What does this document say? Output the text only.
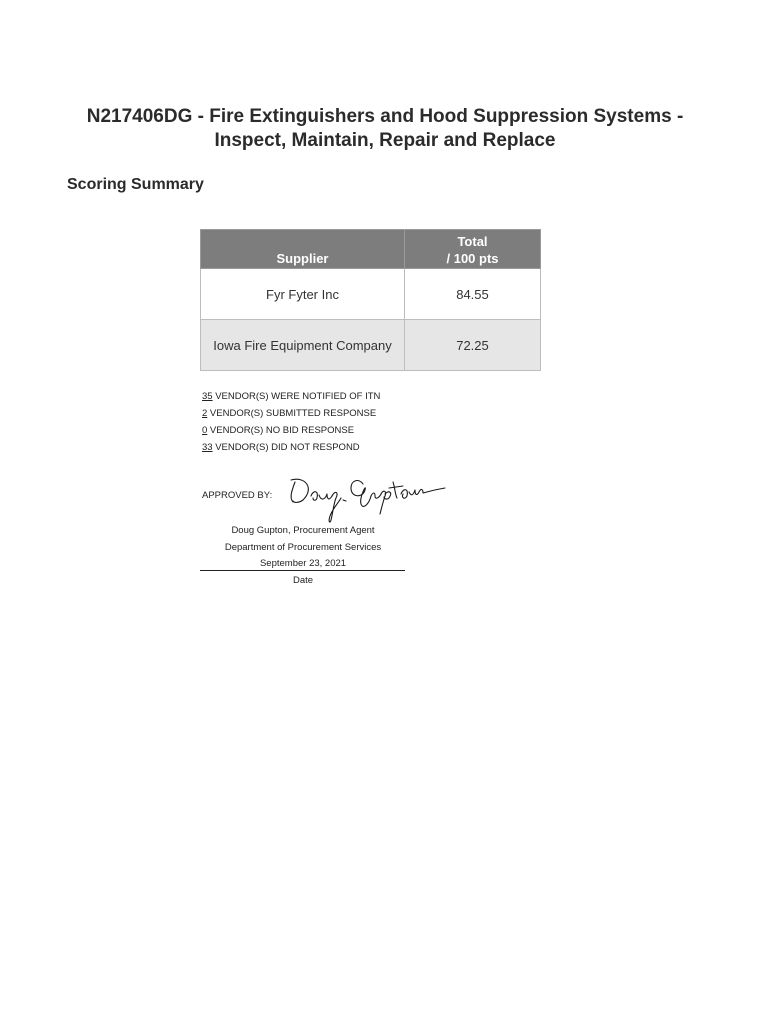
N217406DG - Fire Extinguishers and Hood Suppression Systems -
Inspect, Maintain, Repair and Replace
Scoring Summary
Supplier	Total
/ 100 pts
Fyr Fyter Inc	84.55
Iowa Fire Equipment Company	72.25
35 VENDOR(S) WERE NOTIFIED OF ITN
2 VENDOR(S) SUBMITTED RESPONSE
0 VENDOR(S) NO BID RESPONSE
33 VENDOR(S) DID NOT RESPOND
APPROVED BY:
Doug Gupton, Procurement Agent
Department of Procurement Services
September 23, 2021
Date
